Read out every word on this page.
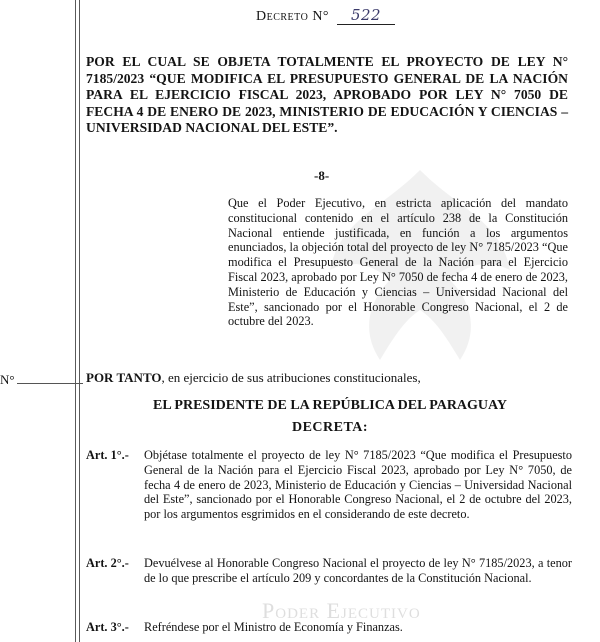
Poder Ejecutivo
Decreto N° 522
POR EL CUAL SE OBJETA TOTALMENTE EL PROYECTO DE LEY N° 7185/2023 “QUE MODIFICA EL PRESUPUESTO GENERAL DE LA NACIÓN PARA EL EJERCICIO FISCAL 2023, APROBADO POR LEY N° 7050 DE FECHA 4 DE ENERO DE 2023, MINISTERIO DE EDUCACIÓN Y CIENCIAS – UNIVERSIDAD NACIONAL DEL ESTE”.
-8-
Que el Poder Ejecutivo, en estricta aplicación del mandato constitucional contenido en el artículo 238 de la Constitución Nacional entiende justificada, en función a los argumentos enunciados, la objeción total del proyecto de ley N° 7185/2023 “Que modifica el Presupuesto General de la Nación para el Ejercicio Fiscal 2023, aprobado por Ley N° 7050 de fecha 4 de enero de 2023, Ministerio de Educación y Ciencias – Universidad Nacional del Este”, sancionado por el Honorable Congreso Nacional, el 2 de octubre del 2023.
N°	POR TANTO, en ejercicio de sus atribuciones constitucionales,
EL PRESIDENTE DE LA REPÚBLICA DEL PARAGUAY
DECRETA:
Art. 1°.-	Objétase totalmente el proyecto de ley N° 7185/2023 “Que modifica el Presupuesto General de la Nación para el Ejercicio Fiscal 2023, aprobado por Ley N° 7050, de fecha 4 de enero de 2023, Ministerio de Educación y Ciencias – Universidad Nacional del Este”, sancionado por el Honorable Congreso Nacional, el 2 de octubre del 2023, por los argumentos esgrimidos en el considerando de este decreto.
Art. 2°.-	Devuélvese al Honorable Congreso Nacional el proyecto de ley N° 7185/2023, a tenor de lo que prescribe el artículo 209 y concordantes de la Constitución Nacional.
Art. 3°.-	Refréndese por el Ministro de Economía y Finanzas.
